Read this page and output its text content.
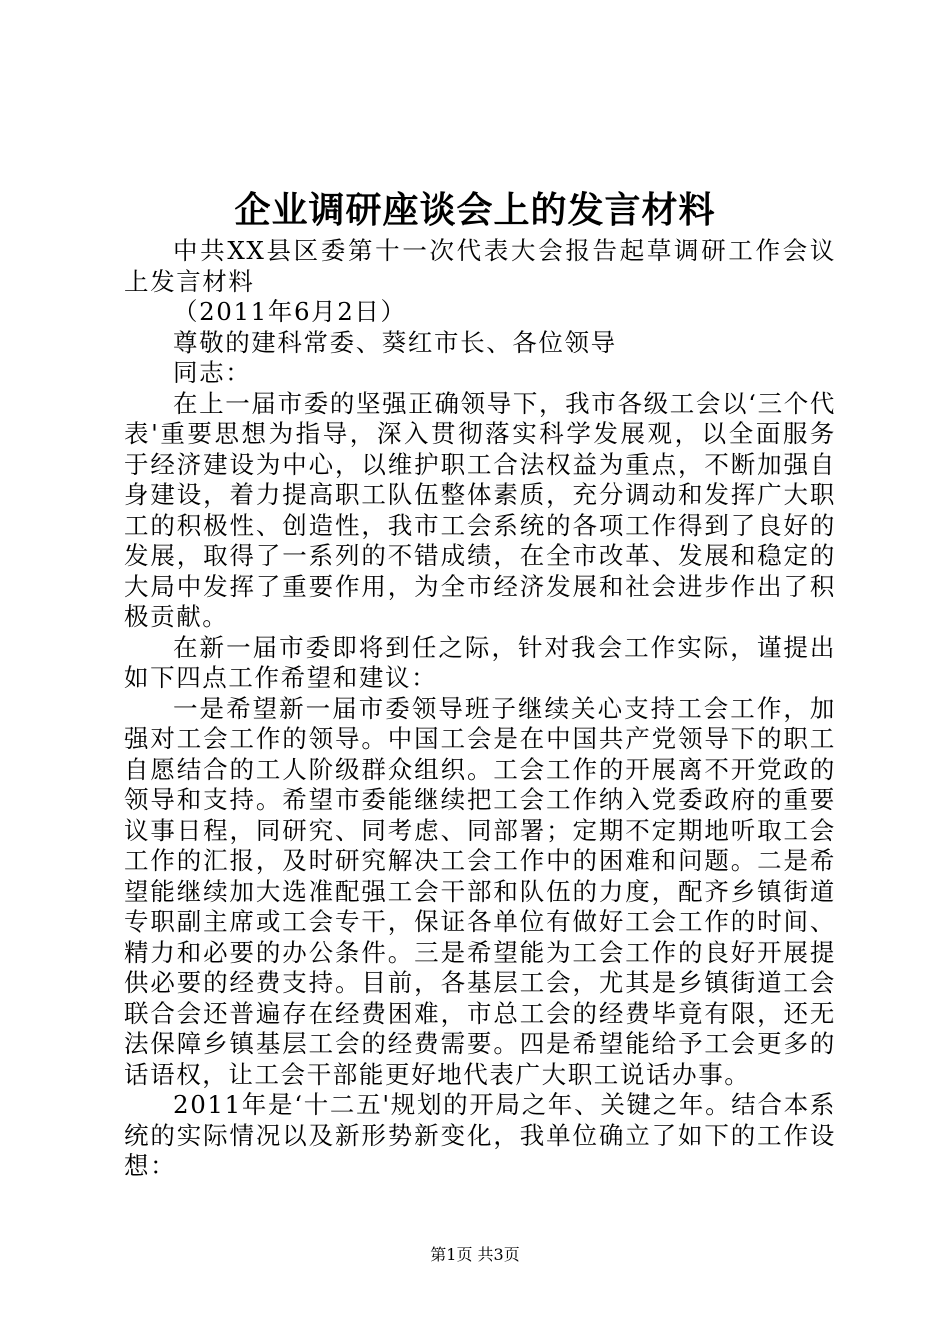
企业调研座谈会上的发言材料

中共XX县区委第十一次代表大会报告起草调研工作会议上发言材料

（2011年6月2日）

尊敬的建科常委、葵红市长、各位领导

同志：

在上一届市委的坚强正确领导下，我市各级工会以‘三个代表'重要思想为指导，深入贯彻落实科学发展观，以全面服务于经济建设为中心，以维护职工合法权益为重点，不断加强自身建设，着力提高职工队伍整体素质，充分调动和发挥广大职工的积极性、创造性，我市工会系统的各项工作得到了良好的发展，取得了一系列的不错成绩，在全市改革、发展和稳定的大局中发挥了重要作用，为全市经济发展和社会进步作出了积极贡献。

在新一届市委即将到任之际，针对我会工作实际，谨提出如下四点工作希望和建议：

一是希望新一届市委领导班子继续关心支持工会工作，加强对工会工作的领导。中国工会是在中国共产党领导下的职工自愿结合的工人阶级群众组织。工会工作的开展离不开党政的领导和支持。希望市委能继续把工会工作纳入党委政府的重要议事日程，同研究、同考虑、同部署；定期不定期地听取工会工作的汇报，及时研究解决工会工作中的困难和问题。二是希望能继续加大选准配强工会干部和队伍的力度，配齐乡镇街道专职副主席或工会专干，保证各单位有做好工会工作的时间、精力和必要的办公条件。三是希望能为工会工作的良好开展提供必要的经费支持。目前，各基层工会，尤其是乡镇街道工会联合会还普遍存在经费困难，市总工会的经费毕竟有限，还无法保障乡镇基层工会的经费需要。四是希望能给予工会更多的话语权，让工会干部能更好地代表广大职工说话办事。

2011年是‘十二五'规划的开局之年、关键之年。结合本系统的实际情况以及新形势新变化，我单位确立了如下的工作设想：

第1页 共3页
